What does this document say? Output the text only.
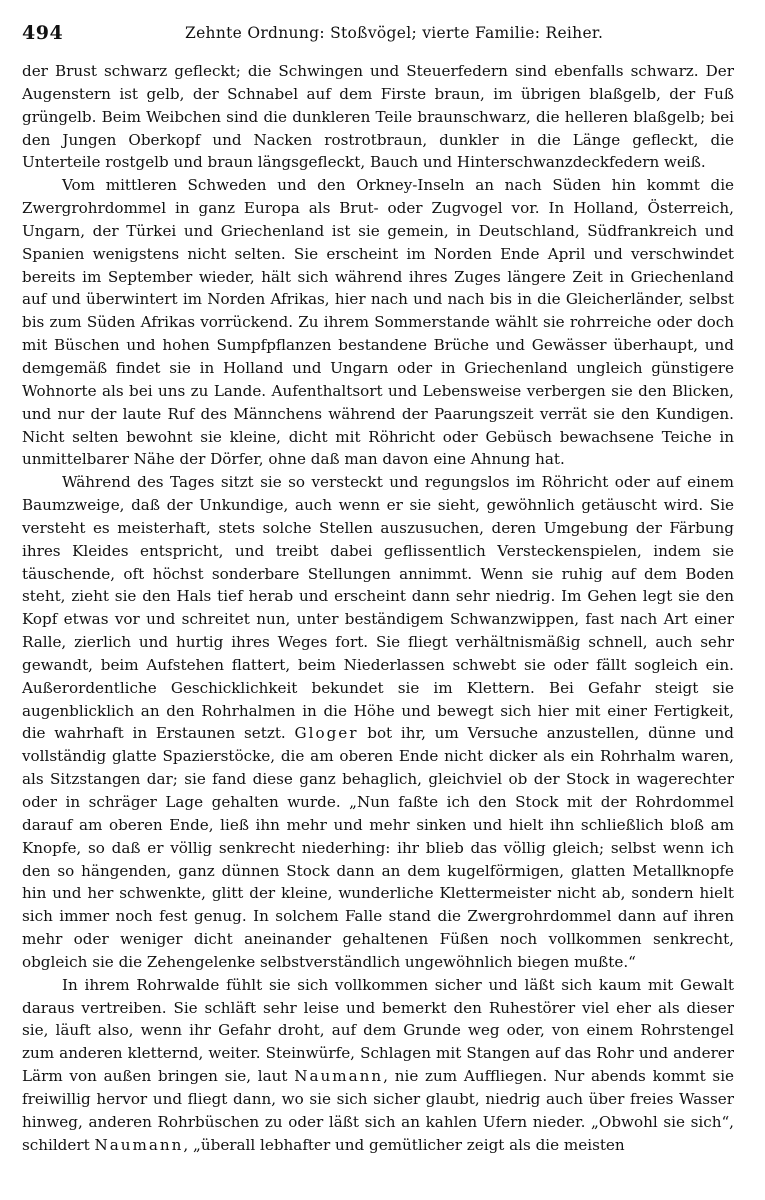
494	Zehnte Ordnung: Stoßvögel; vierte Familie: Reiher.

der Brust schwarz gefleckt; die Schwingen und Steuerfedern sind ebenfalls schwarz. Der Augenstern ist gelb, der Schnabel auf dem Firste braun, im übrigen blaßgelb, der Fuß grüngelb. Beim Weibchen sind die dunkleren Teile braunschwarz, die helleren blaßgelb; bei den Jungen Oberkopf und Nacken rostrotbraun, dunkler in die Länge gefleckt, die Unterteile rostgelb und braun längsgefleckt, Bauch und Hinterschwanzdeckfedern weiß.

Vom mittleren Schweden und den Orkney-Inseln an nach Süden hin kommt die Zwergrohrdommel in ganz Europa als Brut- oder Zugvogel vor. In Holland, Österreich, Ungarn, der Türkei und Griechenland ist sie gemein, in Deutschland, Südfrankreich und Spanien wenigstens nicht selten. Sie erscheint im Norden Ende April und verschwindet bereits im September wieder, hält sich während ihres Zuges längere Zeit in Griechenland auf und überwintert im Norden Afrikas, hier nach und nach bis in die Gleicherländer, selbst bis zum Süden Afrikas vorrückend. Zu ihrem Sommerstande wählt sie rohrreiche oder doch mit Büschen und hohen Sumpfpflanzen bestandene Brüche und Gewässer überhaupt, und demgemäß findet sie in Holland und Ungarn oder in Griechenland ungleich günstigere Wohnorte als bei uns zu Lande. Aufenthaltsort und Lebensweise verbergen sie den Blicken, und nur der laute Ruf des Männchens während der Paarungszeit verrät sie den Kundigen. Nicht selten bewohnt sie kleine, dicht mit Röhricht oder Gebüsch bewachsene Teiche in unmittelbarer Nähe der Dörfer, ohne daß man davon eine Ahnung hat.

Während des Tages sitzt sie so versteckt und regungslos im Röhricht oder auf einem Baumzweige, daß der Unkundige, auch wenn er sie sieht, gewöhnlich getäuscht wird. Sie versteht es meisterhaft, stets solche Stellen auszusuchen, deren Umgebung der Färbung ihres Kleides entspricht, und treibt dabei geflissentlich Versteckenspielen, indem sie täuschende, oft höchst sonderbare Stellungen annimmt. Wenn sie ruhig auf dem Boden steht, zieht sie den Hals tief herab und erscheint dann sehr niedrig. Im Gehen legt sie den Kopf etwas vor und schreitet nun, unter beständigem Schwanzwippen, fast nach Art einer Ralle, zierlich und hurtig ihres Weges fort. Sie fliegt verhältnismäßig schnell, auch sehr gewandt, beim Aufstehen flattert, beim Niederlassen schwebt sie oder fällt sogleich ein. Außerordentliche Geschicklichkeit bekundet sie im Klettern. Bei Gefahr steigt sie augenblicklich an den Rohrhalmen in die Höhe und bewegt sich hier mit einer Fertigkeit, die wahrhaft in Erstaunen setzt. Gloger bot ihr, um Versuche anzustellen, dünne und vollständig glatte Spazierstöcke, die am oberen Ende nicht dicker als ein Rohrhalm waren, als Sitzstangen dar; sie fand diese ganz behaglich, gleichviel ob der Stock in wagerechter oder in schräger Lage gehalten wurde. „Nun faßte ich den Stock mit der Rohrdommel darauf am oberen Ende, ließ ihn mehr und mehr sinken und hielt ihn schließlich bloß am Knopfe, so daß er völlig senkrecht niederhing: ihr blieb das völlig gleich; selbst wenn ich den so hängenden, ganz dünnen Stock dann an dem kugelförmigen, glatten Metallknopfe hin und her schwenkte, glitt der kleine, wunderliche Klettermeister nicht ab, sondern hielt sich immer noch fest genug. In solchem Falle stand die Zwergrohrdommel dann auf ihren mehr oder weniger dicht aneinander gehaltenen Füßen noch vollkommen senkrecht, obgleich sie die Zehengelenke selbstverständlich ungewöhnlich biegen mußte.“

In ihrem Rohrwalde fühlt sie sich vollkommen sicher und läßt sich kaum mit Gewalt daraus vertreiben. Sie schläft sehr leise und bemerkt den Ruhestörer viel eher als dieser sie, läuft also, wenn ihr Gefahr droht, auf dem Grunde weg oder, von einem Rohrstengel zum anderen kletternd, weiter. Steinwürfe, Schlagen mit Stangen auf das Rohr und anderer Lärm von außen bringen sie, laut Naumann, nie zum Auffliegen. Nur abends kommt sie freiwillig hervor und fliegt dann, wo sie sich sicher glaubt, niedrig auch über freies Wasser hinweg, anderen Rohrbüschen zu oder läßt sich an kahlen Ufern nieder. „Obwohl sie sich“, schildert Naumann, „überall lebhafter und gemütlicher zeigt als die meisten
